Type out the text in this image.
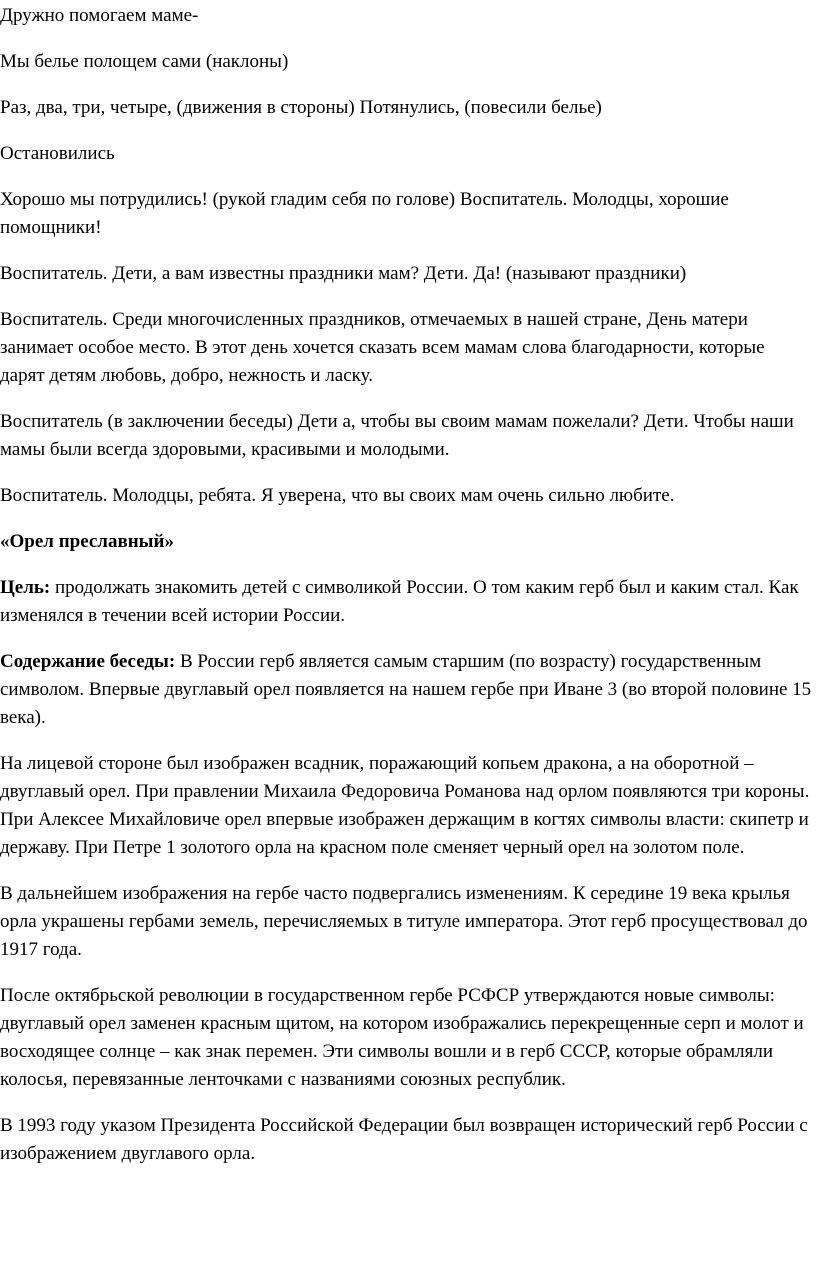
Дружно помогаем маме-

Мы белье полощем сами (наклоны)

Раз, два, три, четыре, (движения в стороны) Потянулись, (повесили белье)

Остановились

Хорошо мы потрудились! (рукой гладим себя по голове) Воспитатель. Молодцы, хорошие помощники!

Воспитатель. Дети, а вам известны праздники мам? Дети. Да! (называют праздники)

Воспитатель. Среди многочисленных праздников, отмечаемых в нашей стране, День матери занимает особое место. В этот день хочется сказать всем мамам слова благодарности, которые дарят детям любовь, добро, нежность и ласку.

Воспитатель (в заключении беседы) Дети а, чтобы вы своим мамам пожелали? Дети. Чтобы наши мамы были всегда здоровыми, красивыми и молодыми.

Воспитатель. Молодцы, ребята. Я уверена, что вы своих мам очень сильно любите.

«Орел преславный»

Цель: продолжать знакомить детей с символикой России. О том каким герб был и каким стал. Как изменялся в течении всей истории России.

Содержание беседы: В России герб является самым старшим (по возрасту) государственным символом. Впервые двуглавый орел появляется на нашем гербе при Иване 3 (во второй половине 15 века).

На лицевой стороне был изображен всадник, поражающий копьем дракона, а на оборотной – двуглавый орел. При правлении Михаила Федоровича Романова над орлом появляются три короны. При Алексее Михайловиче орел впервые изображен держащим в когтях символы власти: скипетр и державу. При Петре 1 золотого орла на красном поле сменяет черный орел на золотом поле.

В дальнейшем изображения на гербе часто подвергались изменениям. К середине 19 века крылья орла украшены гербами земель, перечисляемых в титуле императора. Этот герб просуществовал до 1917 года.

После октябрьской революции в государственном гербе РСФСР утверждаются новые символы: двуглавый орел заменен красным щитом, на котором изображались перекрещенные серп и молот и восходящее солнце – как знак перемен. Эти символы вошли и в герб СССР, которые обрамляли колосья, перевязанные ленточками с названиями союзных республик.

В 1993 году указом Президента Российской Федерации был возвращен исторический герб России с изображением двуглавого орла.
